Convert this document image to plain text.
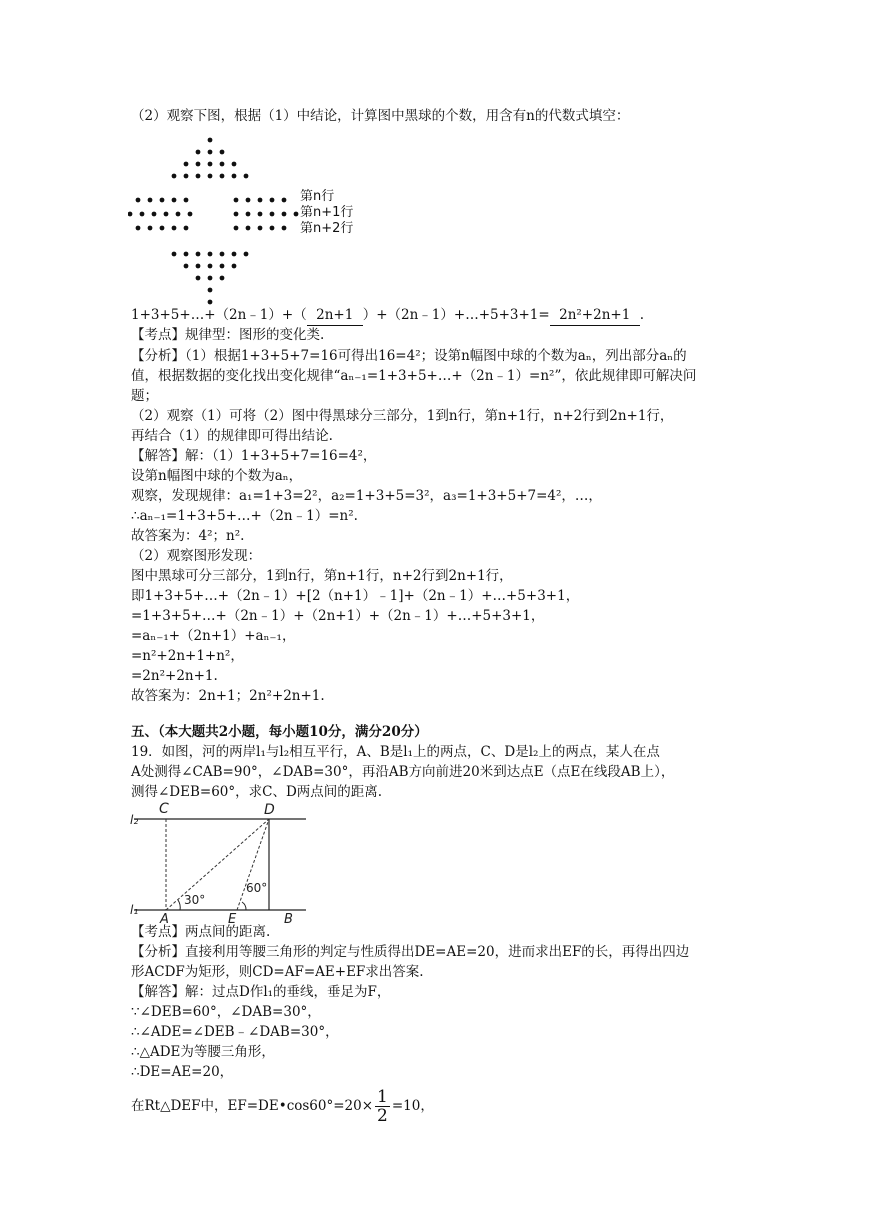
（2）观察下图，根据（1）中结论，计算图中黑球的个数，用含有n的代数式填空：
第n行
第n+1行
第n+2行
1+3+5+…+（2n﹣1）+（ 2n+1 ）+（2n﹣1）+…+5+3+1= 2n²+2n+1 .
【考点】规律型：图形的变化类.
【分析】（1）根据1+3+5+7=16可得出16=4²；设第n幅图中球的个数为aₙ，列出部分aₙ的
值，根据数据的变化找出变化规律“aₙ₋₁=1+3+5+…+（2n﹣1）=n²”，依此规律即可解决问
题；
（2）观察（1）可将（2）图中得黑球分三部分，1到n行，第n+1行，n+2行到2n+1行，
再结合（1）的规律即可得出结论.
【解答】解：（1）1+3+5+7=16=4²，
设第n幅图中球的个数为aₙ，
观察，发现规律：a₁=1+3=2²，a₂=1+3+5=3²，a₃=1+3+5+7=4²，…，
∴aₙ₋₁=1+3+5+…+（2n﹣1）=n².
故答案为：4²；n².
（2）观察图形发现：
图中黑球可分三部分，1到n行，第n+1行，n+2行到2n+1行，
即1+3+5+…+（2n﹣1）+[2（n+1）﹣1]+（2n﹣1）+…+5+3+1，
=1+3+5+…+（2n﹣1）+（2n+1）+（2n﹣1）+…+5+3+1，
=aₙ₋₁+（2n+1）+aₙ₋₁，
=n²+2n+1+n²，
=2n²+2n+1.
故答案为：2n+1；2n²+2n+1.
五、（本大题共2小题，每小题10分，满分20分）
19．如图，河的两岸l₁与l₂相互平行，A、B是l₁上的两点，C、D是l₂上的两点，某人在点
A处测得∠CAB=90°，∠DAB=30°，再沿AB方向前进20米到达点E（点E在线段AB上），
测得∠DEB=60°，求C、D两点间的距离.
C	D
l₂
l₁
A	E	B
30°
60°
【考点】两点间的距离.
【分析】直接利用等腰三角形的判定与性质得出DE=AE=20，进而求出EF的长，再得出四边
形ACDF为矩形，则CD=AF=AE+EF求出答案.
【解答】解：过点D作l₁的垂线，垂足为F，
∵∠DEB=60°，∠DAB=30°，
∴∠ADE=∠DEB﹣∠DAB=30°，
∴△ADE为等腰三角形，
∴DE=AE=20，
在Rt△DEF中，EF=DE•cos60°=20× $\frac{1}{2} =10$，
